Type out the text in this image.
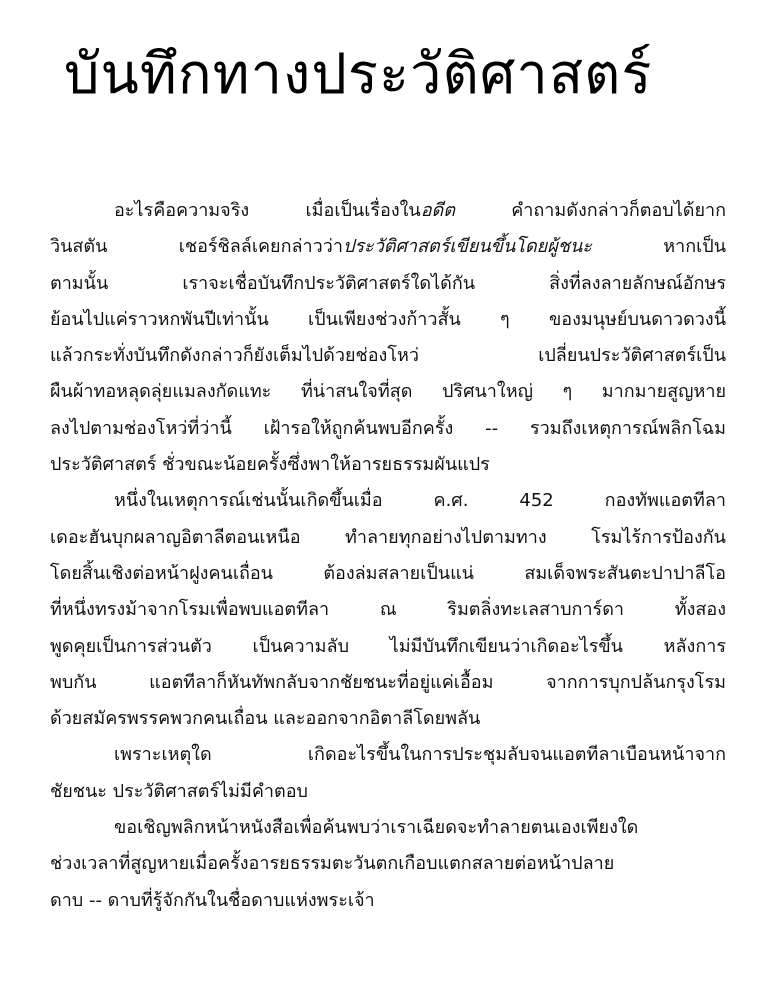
บันทึกทางประวัติศาสตร์
อะไรคือความจริง เมื่อเป็นเรื่องในอดีต คำถามดังกล่าวก็ตอบได้ยาก
วินสตัน เชอร์ชิลล์เคยกล่าวว่าประวัติศาสตร์เขียนขึ้นโดยผู้ชนะ หากเป็น
ตามนั้น เราจะเชื่อบันทึกประวัติศาสตร์ใดได้กัน สิ่งที่ลงลายลักษณ์อักษร
ย้อนไปแค่ราวหกพันปีเท่านั้น เป็นเพียงช่วงก้าวสั้น ๆ ของมนุษย์บนดาวดวงนี้
แล้วกระทั่งบันทึกดังกล่าวก็ยังเต็มไปด้วยช่องโหว่ เปลี่ยนประวัติศาสตร์เป็น
ผืนผ้าทอหลุดลุ่ยแมลงกัดแทะ ที่น่าสนใจที่สุด ปริศนาใหญ่ ๆ มากมายสูญหาย
ลงไปตามช่องโหว่ที่ว่านี้ เฝ้ารอให้ถูกค้นพบอีกครั้ง -- รวมถึงเหตุการณ์พลิกโฉม
ประวัติศาสตร์ ชั่วขณะน้อยครั้งซึ่งพาให้อารยธรรมผันแปร
หนึ่งในเหตุการณ์เช่นนั้นเกิดขึ้นเมื่อ ค.ศ. 452 กองทัพแอตทีลา
เดอะฮันบุกผลาญอิตาลีตอนเหนือ ทำลายทุกอย่างไปตามทาง โรมไร้การป้องกัน
โดยสิ้นเชิงต่อหน้าฝูงคนเถื่อน ต้องล่มสลายเป็นแน่ สมเด็จพระสันตะปาปาลีโอ
ที่หนึ่งทรงม้าจากโรมเพื่อพบแอตทีลา ณ ริมตลิ่งทะเลสาบการ์ดา ทั้งสอง
พูดคุยเป็นการส่วนตัว เป็นความลับ ไม่มีบันทึกเขียนว่าเกิดอะไรขึ้น หลังการ
พบกัน แอตทีลาก็หันทัพกลับจากชัยชนะที่อยู่แค่เอื้อม จากการบุกปล้นกรุงโรม
ด้วยสมัครพรรคพวกคนเถื่อน และออกจากอิตาลีโดยพลัน
เพราะเหตุใด เกิดอะไรขึ้นในการประชุมลับจนแอตทีลาเบือนหน้าจาก
ชัยชนะ ประวัติศาสตร์ไม่มีคำตอบ
ขอเชิญพลิกหน้าหนังสือเพื่อค้นพบว่าเราเฉียดจะทำลายตนเองเพียงใด
ช่วงเวลาที่สูญหายเมื่อครั้งอารยธรรมตะวันตกเกือบแตกสลายต่อหน้าปลาย
ดาบ -- ดาบที่รู้จักกันในชื่อดาบแห่งพระเจ้า
